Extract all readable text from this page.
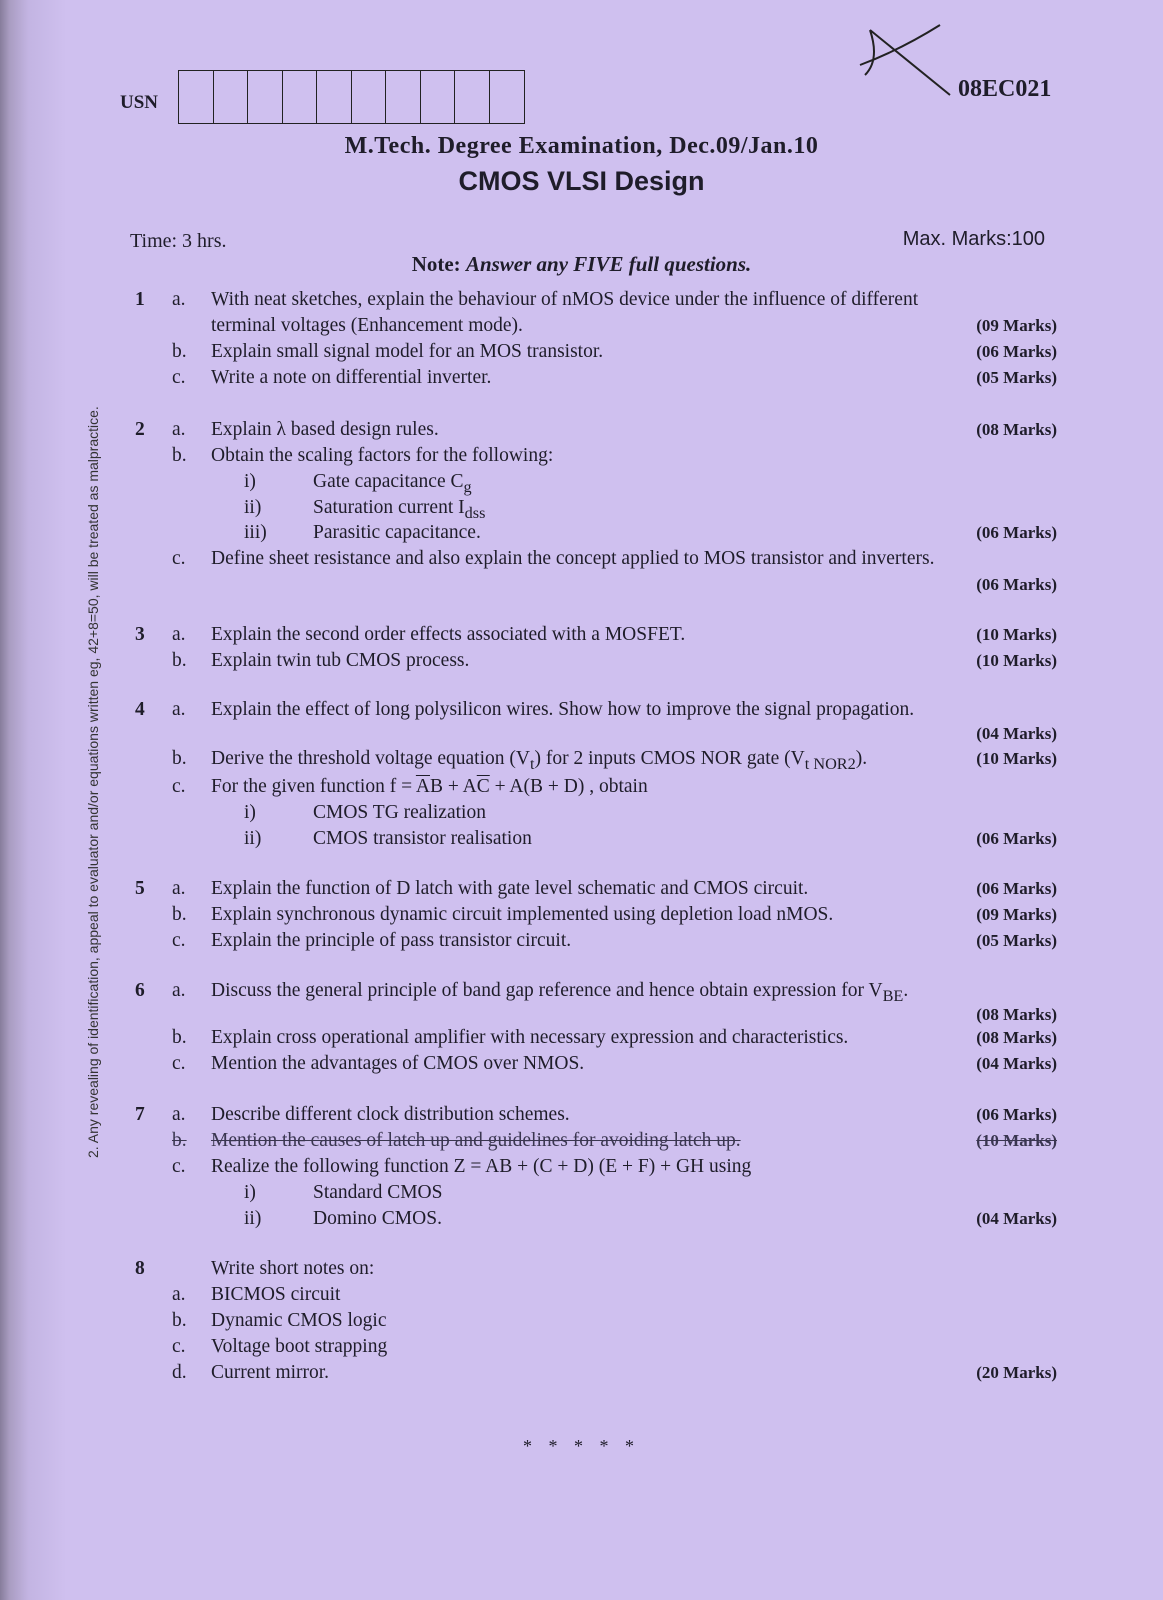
2. Any revealing of identification, appeal to evaluator and/or equations written eg, 42+8=50, will be treated as malpractice.
USN
08EC021
M.Tech. Degree Examination, Dec.09/Jan.10
CMOS VLSI Design
Time: 3 hrs.	Max. Marks:100
Note: Answer any FIVE full questions.
1 a. With neat sketches, explain the behaviour of nMOS device under the influence of different
terminal voltages (Enhancement mode).	(09 Marks)
b. Explain small signal model for an MOS transistor.	(06 Marks)
c. Write a note on differential inverter.	(05 Marks)
2 a. Explain λ based design rules.	(08 Marks)
b. Obtain the scaling factors for the following:
i)	Gate capacitance $C_g$
ii)	Saturation current $I_{dss}$
iii) Parasitic capacitance.	(06 Marks)
c. Define sheet resistance and also explain the concept applied to MOS transistor and inverters.
(06 Marks)
3 a. Explain the second order effects associated with a MOSFET.	(10 Marks)
b. Explain twin tub CMOS process.	(10 Marks)
4 a. Explain the effect of long polysilicon wires. Show how to improve the signal propagation.
(04 Marks)
b. Derive the threshold voltage equation $(V_t)$ for 2 inputs CMOS NOR gate $(V_{t NOR2})$.	(10 Marks)
c. For the given function $f = \overline{A}B + A\overline{C} + A(B + D)$ , obtain
i)	CMOS TG realization
ii)	CMOS transistor realisation	(06 Marks)
5 a. Explain the function of D latch with gate level schematic and CMOS circuit.	(06 Marks)
b. Explain synchronous dynamic circuit implemented using depletion load nMOS.	(09 Marks)
c. Explain the principle of pass transistor circuit.	(05 Marks)
6 a. Discuss the general principle of band gap reference and hence obtain expression for $V_{BE}$.
(08 Marks)
b. Explain cross operational amplifier with necessary expression and characteristics.	(08 Marks)
c. Mention the advantages of CMOS over NMOS.	(04 Marks)
7 a. Describe different clock distribution schemes.	(06 Marks)
b. Mention the causes of latch up and guidelines for avoiding latch up.	(10 Marks)
c. Realize the following function Z = AB + (C + D) (E + F) + GH using
i)	Standard CMOS
ii)	Domino CMOS.	(04 Marks)
8	Write short notes on:
a. BICMOS circuit
b. Dynamic CMOS logic
c. Voltage boot strapping
d. Current mirror.	(20 Marks)
* * * * *
